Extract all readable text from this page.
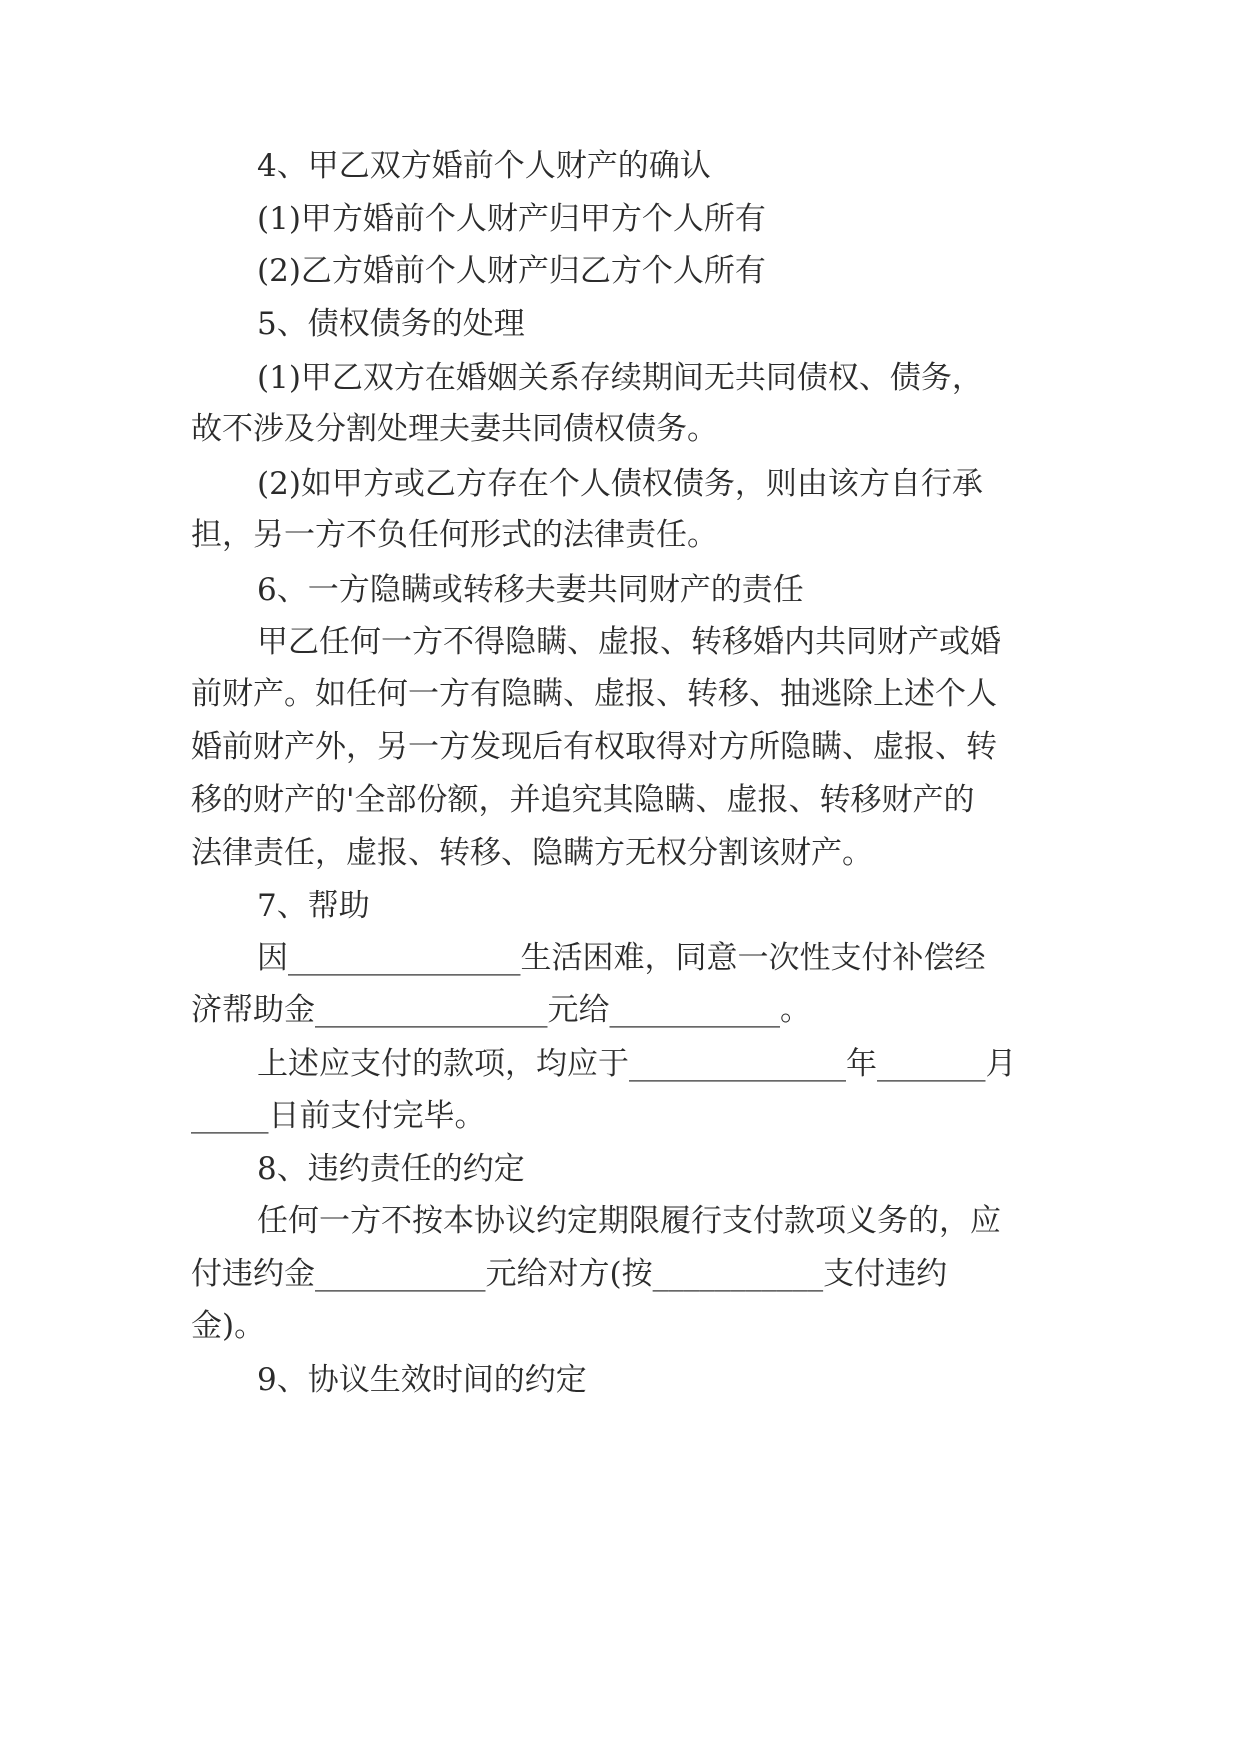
4、甲乙双方婚前个人财产的确认
(1)甲方婚前个人财产归甲方个人所有
(2)乙方婚前个人财产归乙方个人所有
5、债权债务的处理
(1)甲乙双方在婚姻关系存续期间无共同债权、债务，
故不涉及分割处理夫妻共同债权债务。
(2)如甲方或乙方存在个人债权债务，则由该方自行承
担，另一方不负任何形式的法律责任。
6、一方隐瞒或转移夫妻共同财产的责任
甲乙任何一方不得隐瞒、虚报、转移婚内共同财产或婚
前财产。如任何一方有隐瞒、虚报、转移、抽逃除上述个人
婚前财产外，另一方发现后有权取得对方所隐瞒、虚报、转
移的财产的'全部份额，并追究其隐瞒、虚报、转移财产的
法律责任，虚报、转移、隐瞒方无权分割该财产。
7、帮助
因_______________生活困难，同意一次性支付补偿经
济帮助金_______________元给___________。
上述应支付的款项，均应于______________年_______月
_____日前支付完毕。
8、违约责任的约定
任何一方不按本协议约定期限履行支付款项义务的，应
付违约金___________元给对方(按___________支付违约
金)。
9、协议生效时间的约定
